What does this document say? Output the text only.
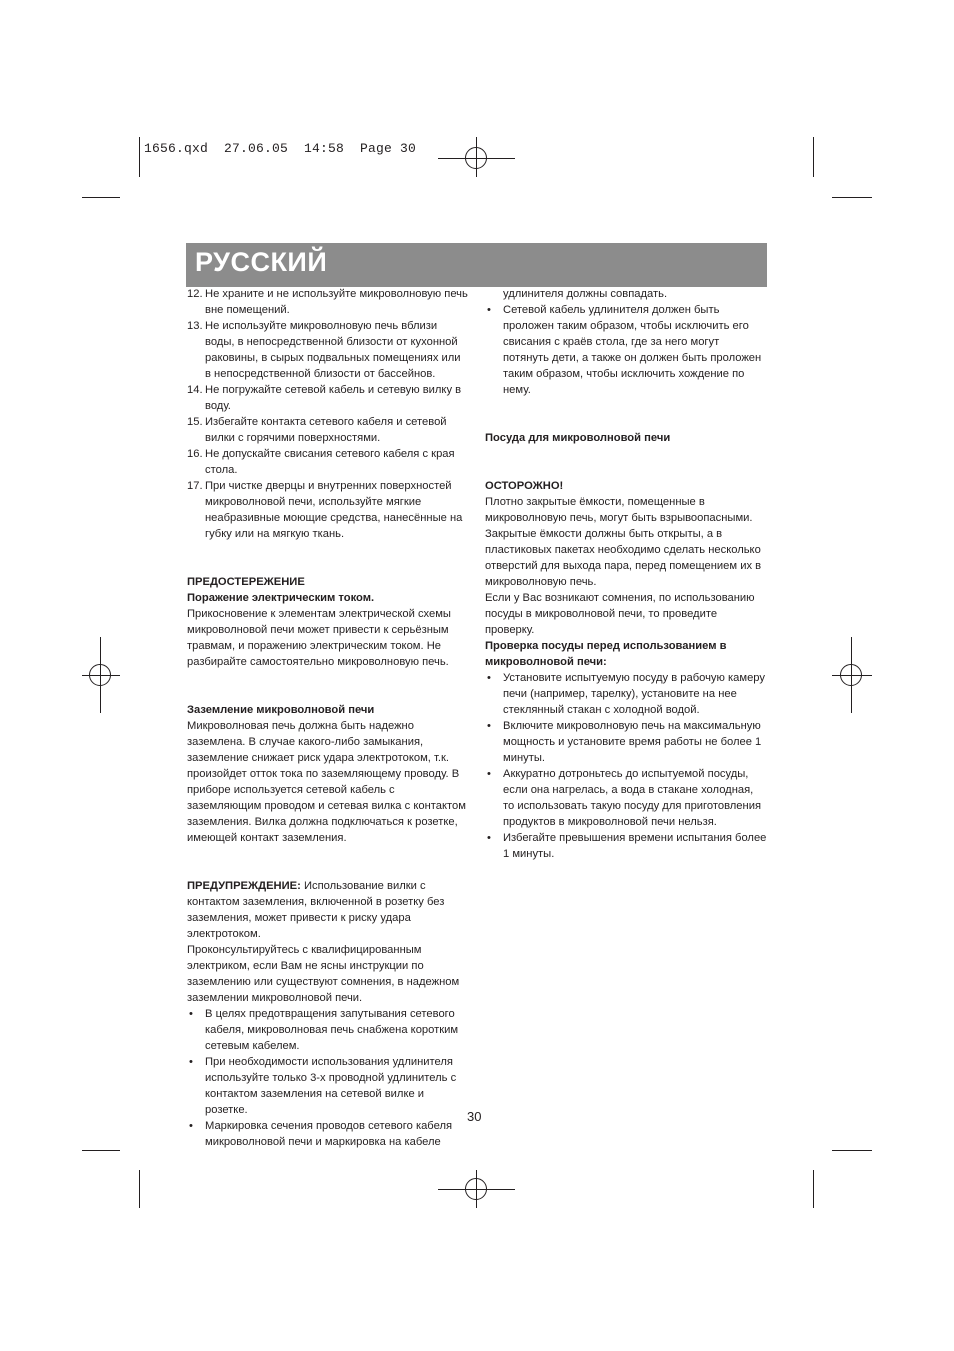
1656.qxd  27.06.05  14:58  Page 30
РУССКИЙ
12. Не храните и не используйте микроволновую печь вне помещений.
13. Не используйте микроволновую печь вблизи воды, в непосредственной близости от кухонной раковины, в сырых подвальных помещениях или в непосредственной близости от бассейнов.
14. Не погружайте сетевой кабель и сетевую вилку в воду.
15. Избегайте контакта сетевого кабеля и сетевой вилки с горячими поверхностями.
16. Не допускайте свисания сетевого кабеля с края стола.
17. При чистке дверцы и внутренних поверхностей микроволновой печи, используйте мягкие неабразивные моющие средства, нанесённые на губку или на мягкую ткань.

ПРЕДОСТЕРЕЖЕНИЕ

Поражение электрическим током.

Прикосновение к элементам электрической схемы микроволновой печи может привести к серьёзным травмам, и поражению электрическим током. Не разбирайте самостоятельно микроволновую печь.

Заземление микроволновой печи

Микроволновая печь должна быть надежно заземлена. В случае какого-либо замыкания, заземление снижает риск удара электротоком, т.к. произойдет отток тока по заземляющему проводу. В приборе используется сетевой кабель с заземляющим проводом и сетевая вилка с контактом заземления. Вилка должна подключаться к розетке, имеющей контакт заземления.

ПРЕДУПРЕЖДЕНИЕ: Использование вилки с контактом заземления, включенной в розетку без заземления, может привести к риску удара электротоком.

Проконсультируйтесь с квалифицированным электриком, если Вам не ясны инструкции по заземлению или существуют сомнения, в надежном заземлении микроволновой печи.

• В целях предотвращения запутывания сетевого кабеля, микроволновая печь снабжена коротким сетевым кабелем.
• При необходимости использования удлинителя используйте только 3-х проводной удлинитель с контактом заземления на сетевой вилке и розетке.
• Маркировка сечения проводов сетевого кабеля микроволновой печи и маркировка на кабеле

удлинителя должны совпадать.

• Сетевой кабель удлинителя должен быть проложен таким образом, чтобы исключить его свисания с краёв стола, где за него могут потянуть дети, а также он должен быть проложен таким образом, чтобы исключить хождение по нему.

Посуда для микроволновой печи

ОСТОРОЖНО!

Плотно закрытые ёмкости, помещенные в микроволновую печь, могут быть взрывоопасными. Закрытые ёмкости должны быть открыты, а в пластиковых пакетах необходимо сделать несколько отверстий для выхода пара, перед помещением их в микроволновую печь.

Если у Вас возникают сомнения, по использованию посуды в микроволновой печи, то проведите проверку.

Проверка посуды перед использованием в микроволновой печи:

• Установите испытуемую посуду в рабочую камеру печи (например, тарелку), установите на нее стеклянный стакан с холодной водой.
• Включите микроволновую печь на максимальную мощность и установите время работы не более 1 минуты.
• Аккуратно дотроньтесь до испытуемой посуды, если она нагрелась, а вода в стакане холодная, то использовать такую посуду для приготовления продуктов в микроволновой печи нельзя.
• Избегайте превышения времени испытания более 1 минуты.
30
